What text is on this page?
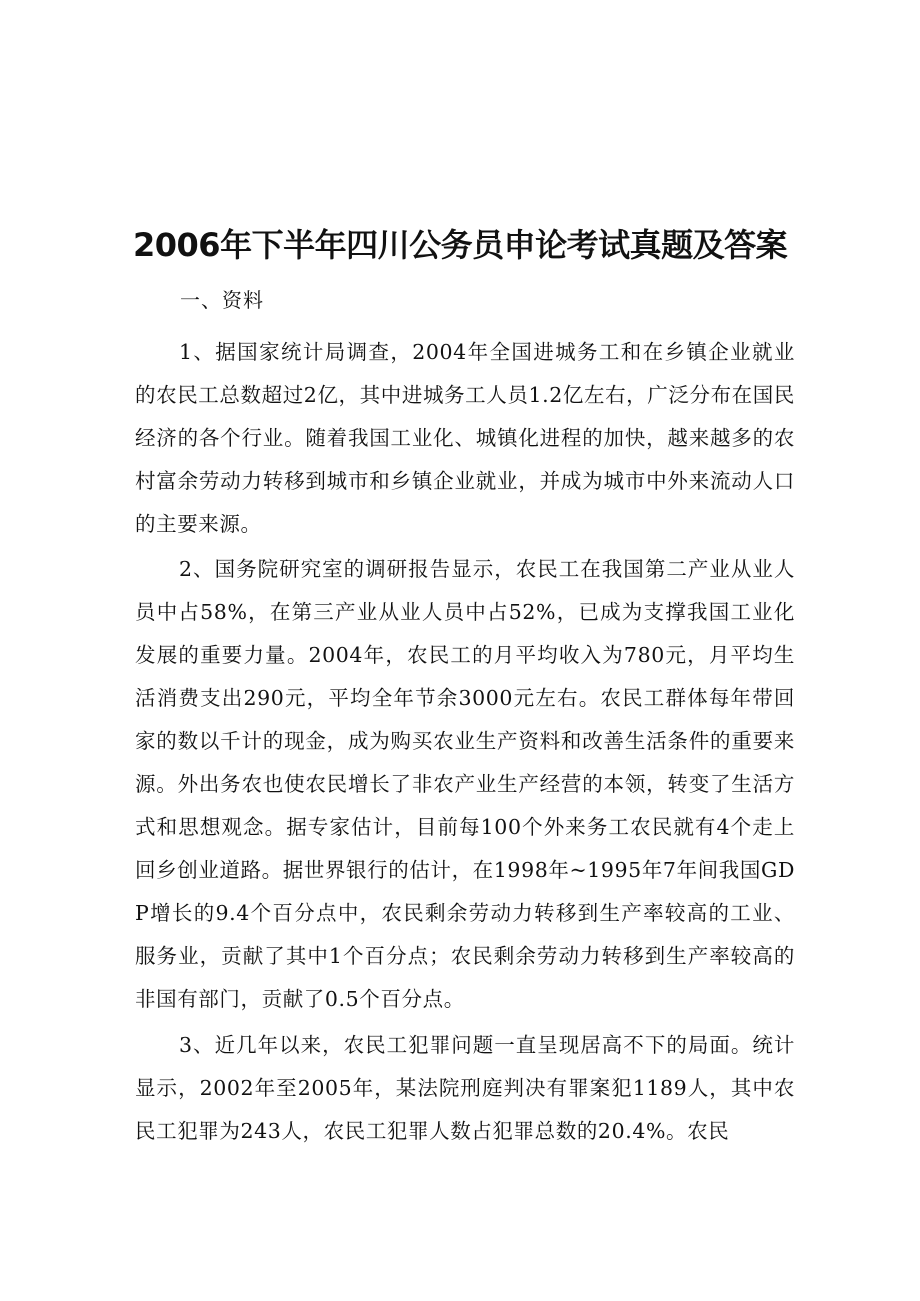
2006年下半年四川公务员申论考试真题及答案

一、资料

1、据国家统计局调查，2004年全国进城务工和在乡镇企业就业的农民工总数超过2亿，其中进城务工人员1.2亿左右，广泛分布在国民经济的各个行业。随着我国工业化、城镇化进程的加快，越来越多的农村富余劳动力转移到城市和乡镇企业就业，并成为城市中外来流动人口的主要来源。

2、国务院研究室的调研报告显示，农民工在我国第二产业从业人员中占58%，在第三产业从业人员中占52%，已成为支撑我国工业化发展的重要力量。2004年，农民工的月平均收入为780元，月平均生活消费支出290元，平均全年节余3000元左右。农民工群体每年带回家的数以千计的现金，成为购买农业生产资料和改善生活条件的重要来源。外出务农也使农民增长了非农产业生产经营的本领，转变了生活方式和思想观念。据专家估计，目前每100个外来务工农民就有4个走上回乡创业道路。据世界银行的估计，在1998年~1995年7年间我国GDP增长的9.4个百分点中，农民剩余劳动力转移到生产率较高的工业、服务业，贡献了其中1个百分点；农民剩余劳动力转移到生产率较高的非国有部门，贡献了0.5个百分点。

3、近几年以来，农民工犯罪问题一直呈现居高不下的局面。统计显示，2002年至2005年，某法院刑庭判决有罪案犯1189人，其中农民工犯罪为243人，农民工犯罪人数占犯罪总数的20.4%。农民
